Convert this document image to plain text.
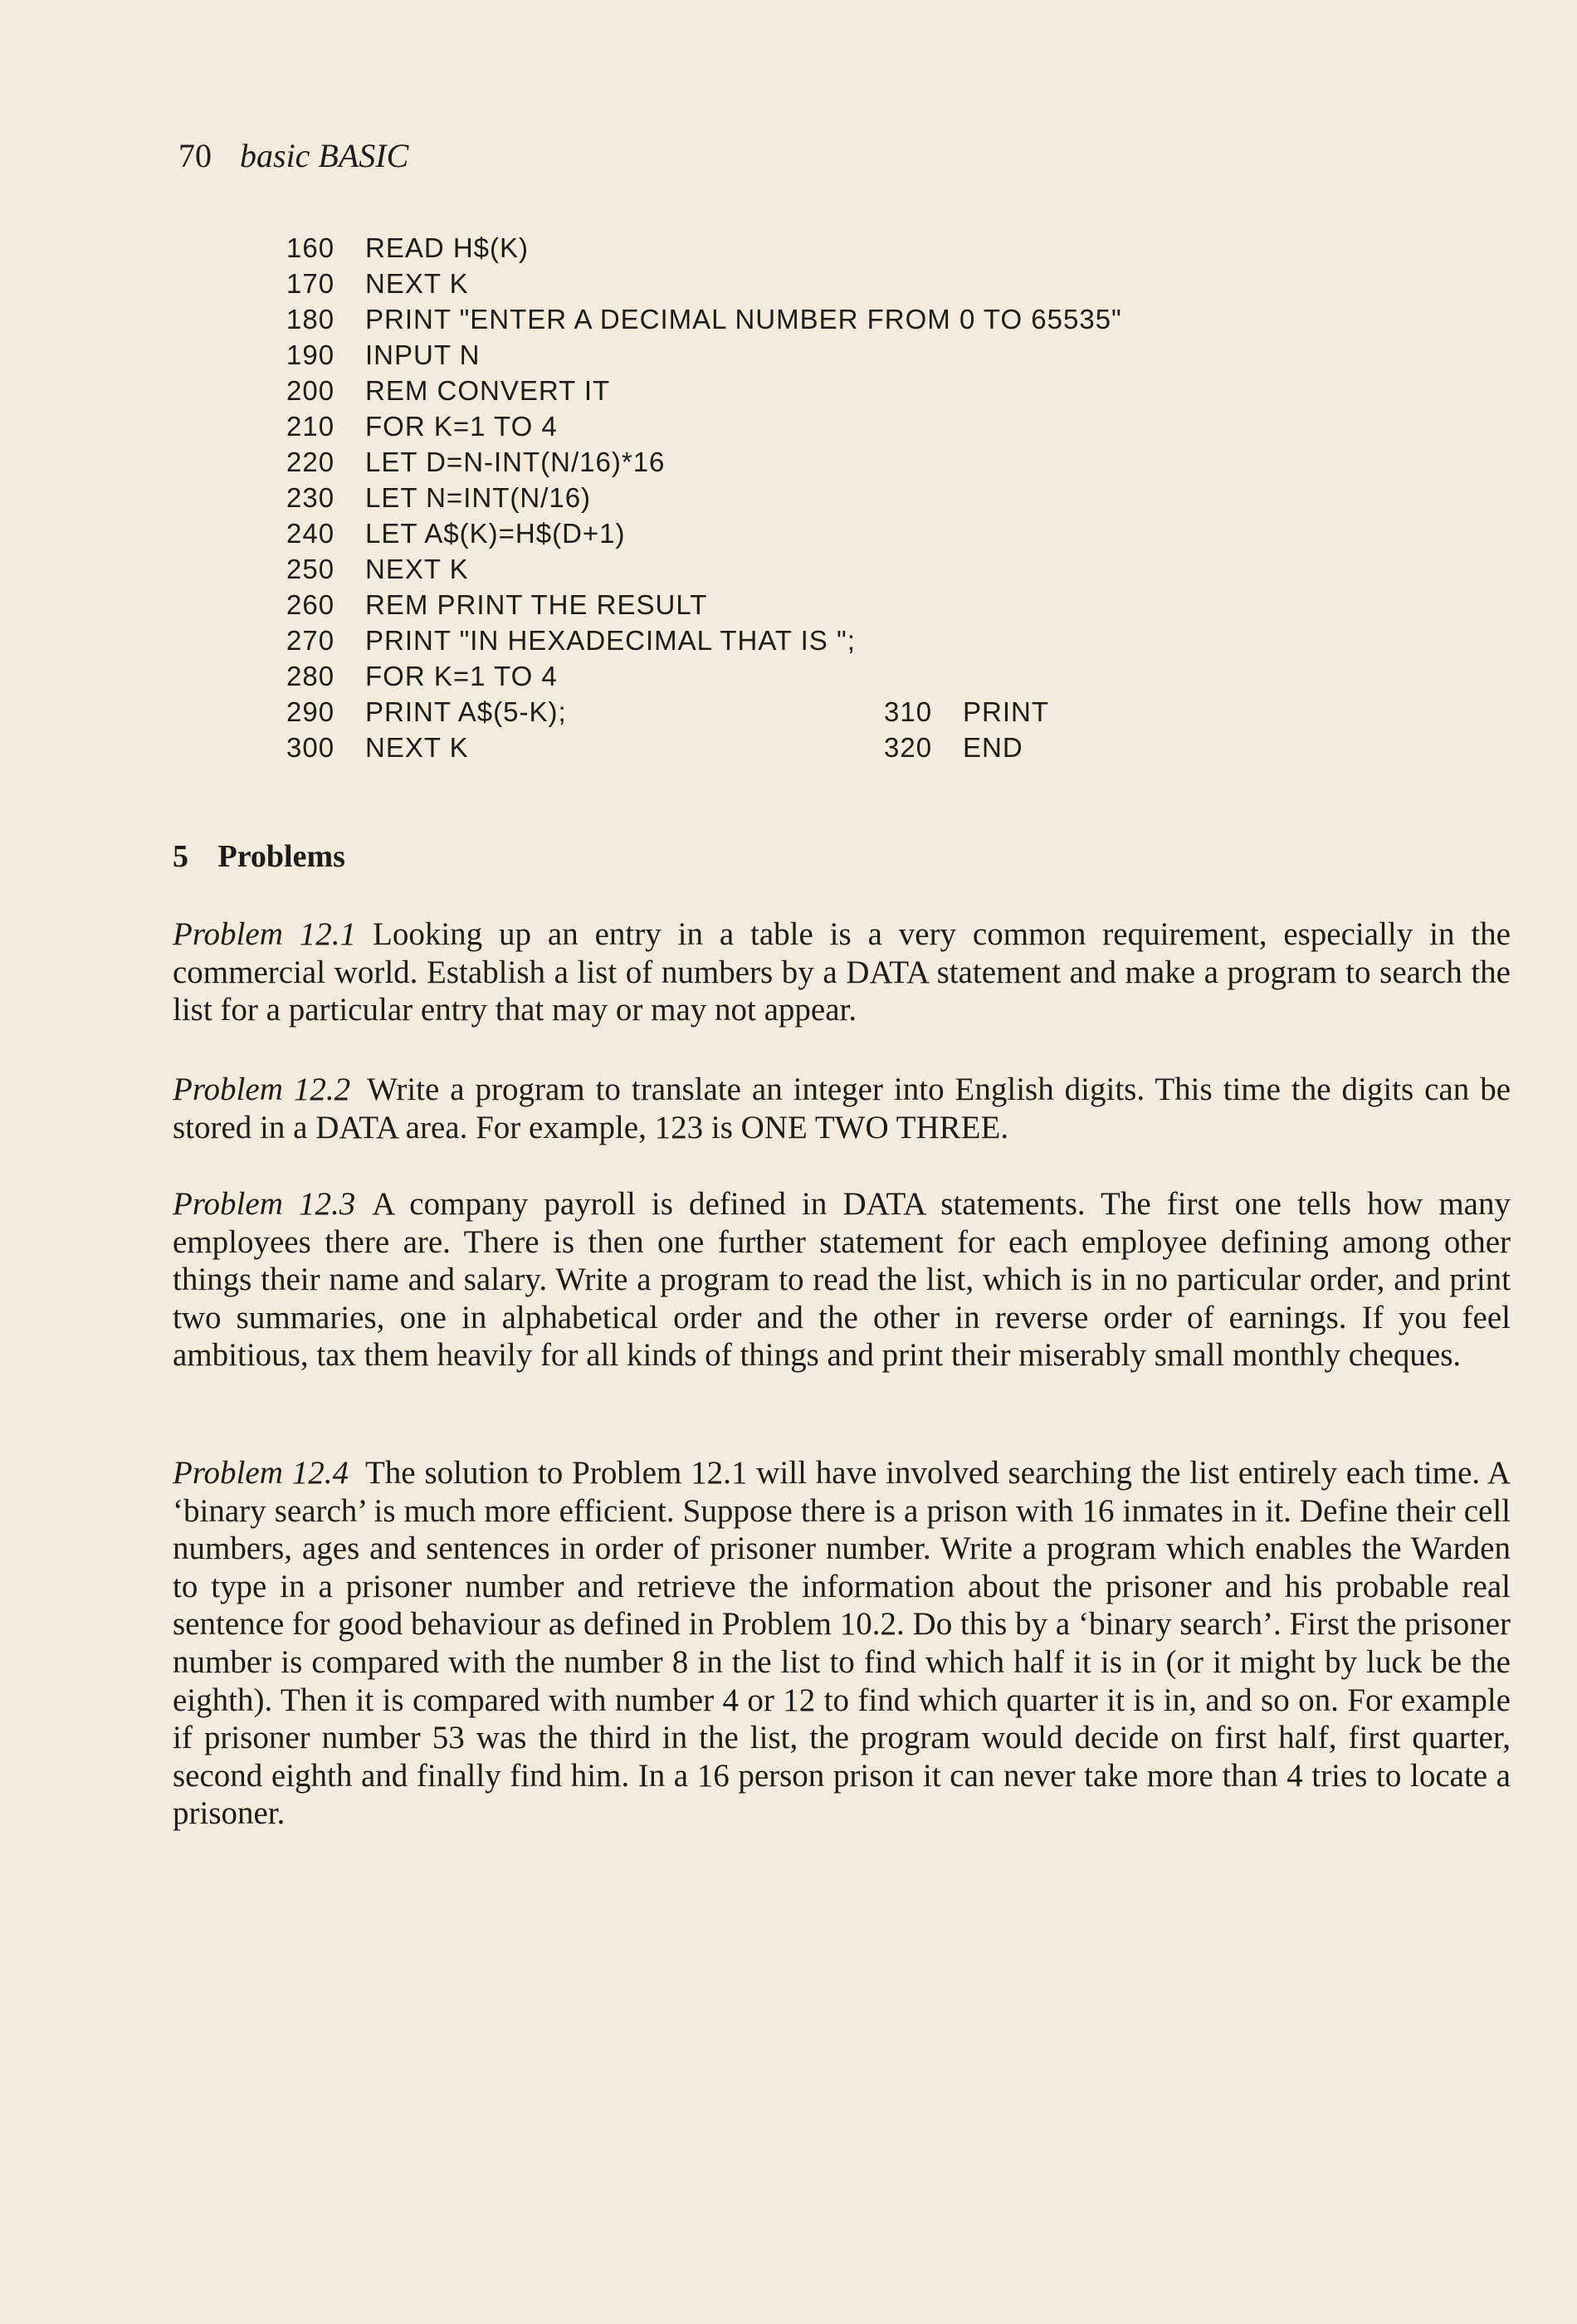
70 basic BASIC
160 READ H$(K)
170 NEXT K
180 PRINT "ENTER A DECIMAL NUMBER FROM 0 TO 65535"
190 INPUT N
200 REM CONVERT IT
210 FOR K=1 TO 4
220 LET D=N-INT(N/16)*16
230 LET N=INT(N/16)
240 LET A$(K)=H$(D+1)
250 NEXT K
260 REM PRINT THE RESULT
270 PRINT "IN HEXADECIMAL THAT IS ";
280 FOR K=1 TO 4
290 PRINT A$(5-K);	310 PRINT
300 NEXT K	320 END
5 Problems

Problem 12.1 Looking up an entry in a table is a very common requirement, especially in the commercial world. Establish a list of numbers by a DATA statement and make a program to search the list for a particular entry that may or may not appear.

Problem 12.2 Write a program to translate an integer into English digits. This time the digits can be stored in a DATA area. For example, 123 is ONE TWO THREE.

Problem 12.3 A company payroll is defined in DATA statements. The first one tells how many employees there are. There is then one further statement for each employee defining among other things their name and salary. Write a program to read the list, which is in no particular order, and print two summaries, one in alphabetical order and the other in reverse order of earnings. If you feel ambitious, tax them heavily for all kinds of things and print their miserably small monthly cheques.

Problem 12.4 The solution to Problem 12.1 will have involved searching the list entirely each time. A ‘binary search’ is much more efficient. Suppose there is a prison with 16 inmates in it. Define their cell numbers, ages and sentences in order of prisoner number. Write a program which enables the Warden to type in a prisoner number and retrieve the information about the prisoner and his probable real sentence for good behaviour as defined in Problem 10.2. Do this by a ‘binary search’. First the prisoner number is compared with the number 8 in the list to find which half it is in (or it might by luck be the eighth). Then it is compared with number 4 or 12 to find which quarter it is in, and so on. For example if prisoner number 53 was the third in the list, the program would decide on first half, first quarter, second eighth and finally find him. In a 16 person prison it can never take more than 4 tries to locate a prisoner.
